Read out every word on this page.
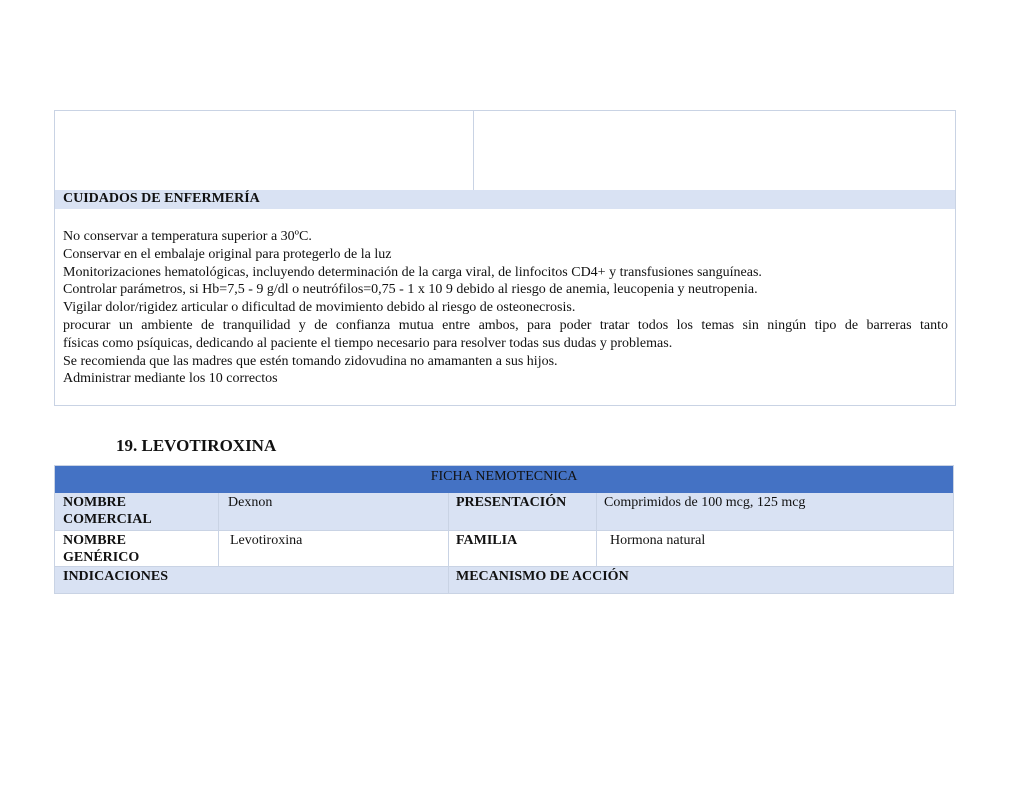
CUIDADOS DE ENFERMERÍA
No conservar a temperatura superior a 30ºC.
Conservar en el embalaje original para protegerlo de la luz
Monitorizaciones hematológicas, incluyendo determinación de la carga viral, de linfocitos CD4+ y transfusiones sanguíneas.
Controlar parámetros, si Hb=7,5 - 9 g/dl o neutrófilos=0,75 - 1 x 10 9 debido al riesgo de anemia, leucopenia y neutropenia.
Vigilar dolor/rigidez articular o dificultad de movimiento debido al riesgo de osteonecrosis.
procurar un ambiente de tranquilidad y de confianza mutua entre ambos, para poder tratar todos los temas sin ningún tipo de barreras tanto
físicas como psíquicas, dedicando al paciente el tiempo necesario para resolver todas sus dudas y problemas.
Se recomienda que las madres que estén tomando zidovudina no amamanten a sus hijos.
Administrar mediante los 10 correctos
19. LEVOTIROXINA
FICHA NEMOTECNICA
NOMBRE
COMERCIAL
Dexnon	PRESENTACIÓN	Comprimidos de 100 mcg, 125 mcg
NOMBRE
GENÉRICO
Levotiroxina	FAMILIA	Hormona natural
INDICACIONES	MECANISMO DE ACCIÓN
